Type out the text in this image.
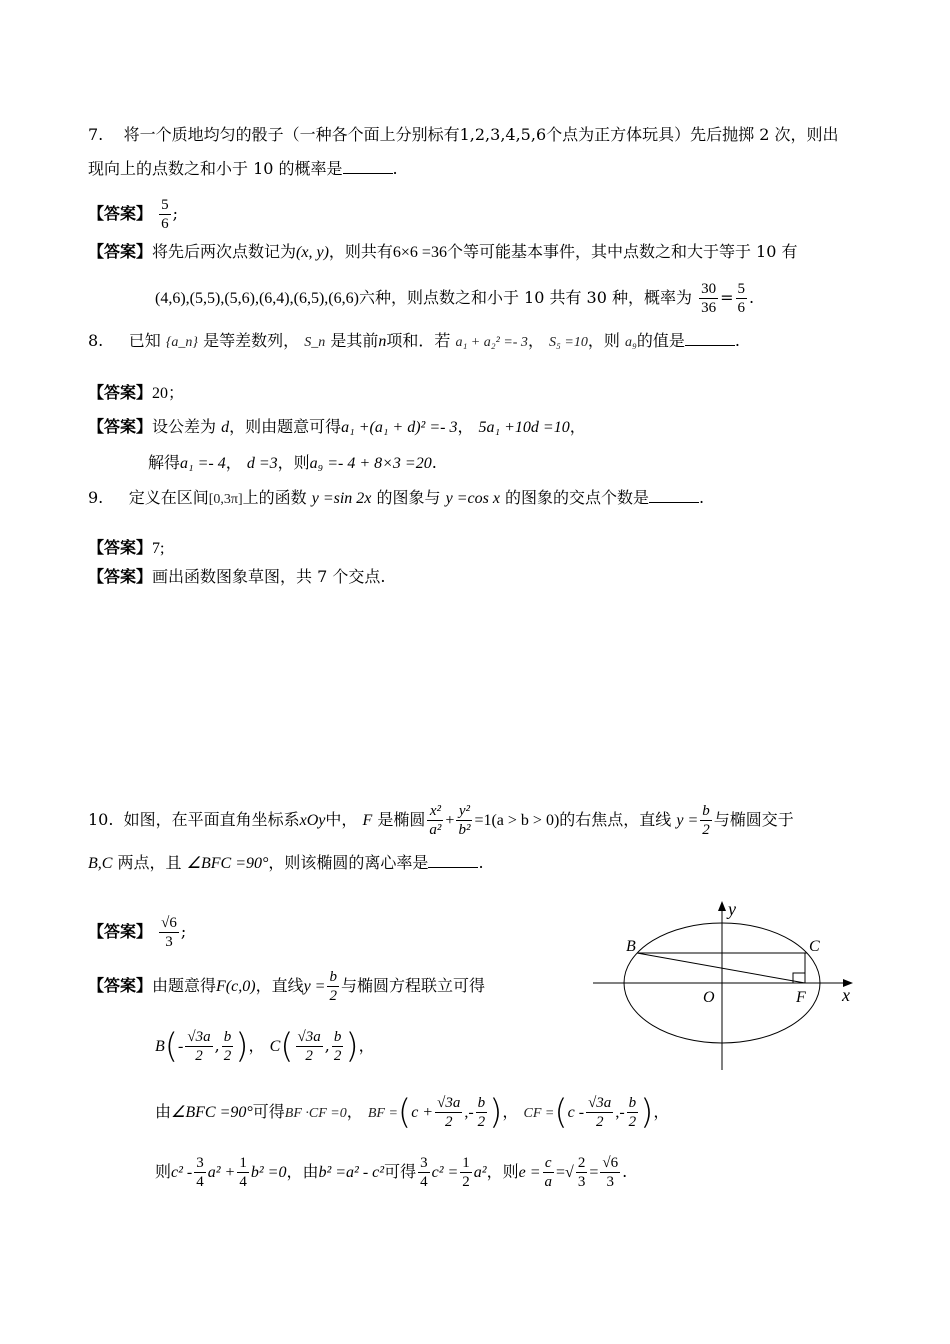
7. 将一个质地均匀的骰子（一种各个面上分别标有1,2,3,4,5,6个点为正方体玩具）先后抛掷 2 次，则出
现向上的点数之和小于 10 的概率是	.
【答案】 $\frac{5}{6}$ ;
【答案】将先后两次点数记为(x, y)，则共有6×6 =36个等可能基本事件，其中点数之和大于等于 10 有
(4,6),(5,5),(5,6),(6,4),(6,5),(6,6)六种，则点数之和小于 10 共有 30 种，概率为 $\frac{30}{36} = \frac{5}{6}$ .
8. 已知 {a_n} 是等差数列， S_n 是其前n项和．若 a₁ + a₂² =- 3， S₅ =10，则 a₉的值是	.
【答案】20；
【答案】设公差为 d，则由题意可得a₁ +(a₁ + d)² =- 3， 5a₁ +10d =10，
解得a₁ =- 4， d =3，则a₉ =- 4 + 8×3 =20.
9. 定义在区间[0,3π]上的函数 y =sin 2x 的图象与 y =cos x 的图象的交点个数是	.
【答案】7;
【答案】画出函数图象草图，共 7 个交点.
10. 如图，在平面直角坐标系xOy中， F 是椭圆 $\frac{\text{x²}}{\text{a²}} + \frac{\text{y²}}{\text{b²}} =1(a > b > 0)$的右焦点，直线 $y = \frac{b}{2}$ 与椭圆交于
B,C 两点，且 ∠BFC =90°，则该椭圆的离心率是	.
【答案】 $\frac{√6}{3}$ ;
【答案】由题意得F(c,0)，直线$y = \frac{b}{2}$ 与椭圆方程联立可得
$B(- \frac{√3a}{2}$ , $\frac{b}{2}$ )， $C( \frac{√3a}{2}$ , $\frac{b}{2}$ )，
由∠BFC =90°可得BF ·CF =0， BF $=(c + \frac{√3a}{2}$ ,- $\frac{b}{2}$ )， CF $=(c - \frac{√3a}{2}$ ,- $\frac{b}{2}$ )，
则$c^2 - \frac{3}{4} a^2 + \frac{1}{4} b^2 =0$，由b² =a² - c²可得 $\frac{3}{4} c^2 = \frac{1}{2} a^2$，则$e = \frac{c}{a}$ =√ $\frac{2}{3} = \frac{√6}{3}$ .
y
x
O
B	C
F
